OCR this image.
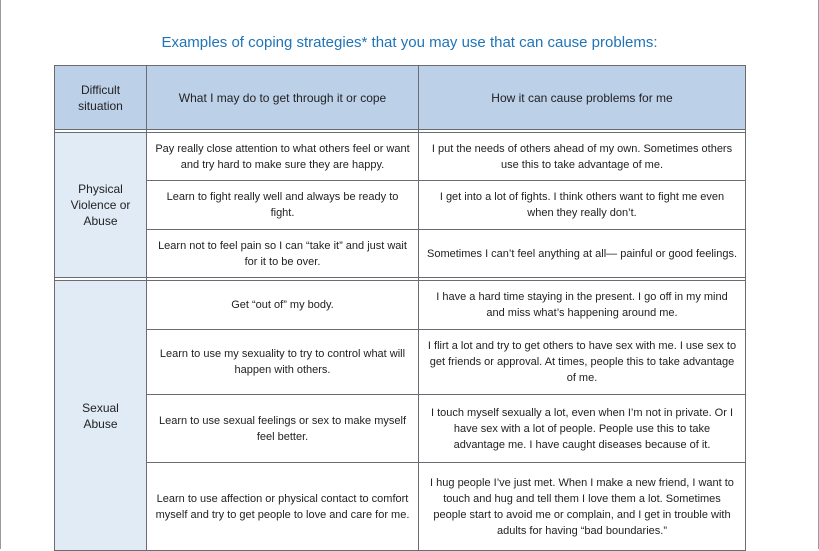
Examples of coping strategies* that you may use that can cause problems:
Difficult situation	What I may do to get through it or cope	How it can cause problems for me

Physical Violence or Abuse	Pay really close attention to what others feel or want and try hard to make sure they are happy.	I put the needs of others ahead of my own. Sometimes others use this to take advantage of me.
	Learn to fight really well and always be ready to fight.	I get into a lot of fights. I think others want to fight me even when they really don’t.
	Learn not to feel pain so I can “take it” and just wait for it to be over.	Sometimes I can’t feel anything at all— painful or good feelings.

Sexual Abuse	Get “out of” my body.	I have a hard time staying in the present. I go off in my mind and miss what’s happening around me.
	Learn to use my sexuality to try to control what will happen with others.	I flirt a lot and try to get others to have sex with me. I use sex to get friends or approval. At times, people this to take advantage of me.
	Learn to use sexual feelings or sex to make myself feel better.	I touch myself sexually a lot, even when I’m not in private. Or I have sex with a lot of people. People use this to take advantage me. I have caught diseases because of it.
	Learn to use affection or physical contact to comfort myself and try to get people to love and care for me.	I hug people I’ve just met. When I make a new friend, I want to touch and hug and tell them I love them a lot. Sometimes people start to avoid me or complain, and I get in trouble with adults for having “bad boundaries.”
